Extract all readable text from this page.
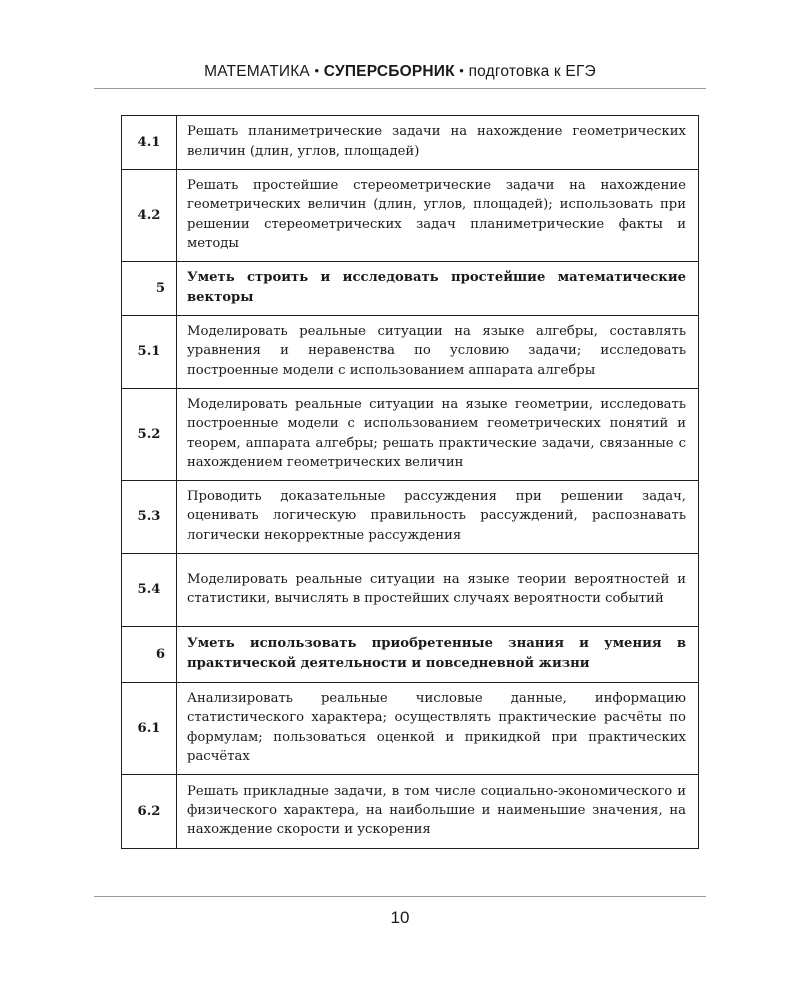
МАТЕМАТИКА • СУПЕРСБОРНИК • подготовка к ЕГЭ
4.1	Решать планиметрические задачи на нахождение геометрических величин (длин, углов, площадей)
4.2	Решать простейшие стереометрические задачи на нахождение геометрических величин (длин, углов, площадей); использовать при решении стереометрических задач планиметрические факты и методы
5	Уметь строить и исследовать простейшие математические векторы
5.1	Моделировать реальные ситуации на языке алгебры, составлять уравнения и неравенства по условию задачи; исследовать построенные модели с использованием аппарата алгебры
5.2	Моделировать реальные ситуации на языке геометрии, исследовать построенные модели с использованием геометрических понятий и теорем, аппарата алгебры; решать практические задачи, связанные с нахождением геометрических величин
5.3	Проводить доказательные рассуждения при решении задач, оценивать логическую правильность рассуждений, распознавать логически некорректные рассуждения
5.4	Моделировать реальные ситуации на языке теории вероятностей и статистики, вычислять в простейших случаях вероятности событий
6	Уметь использовать приобретенные знания и умения в практической деятельности и повседневной жизни
6.1	Анализировать реальные числовые данные, информацию статистического характера; осуществлять практические расчёты по формулам; пользоваться оценкой и прикидкой при практических расчётах
6.2	Решать прикладные задачи, в том числе социально-экономического и физического характера, на наибольшие и наименьшие значения, на нахождение скорости и ускорения
10
